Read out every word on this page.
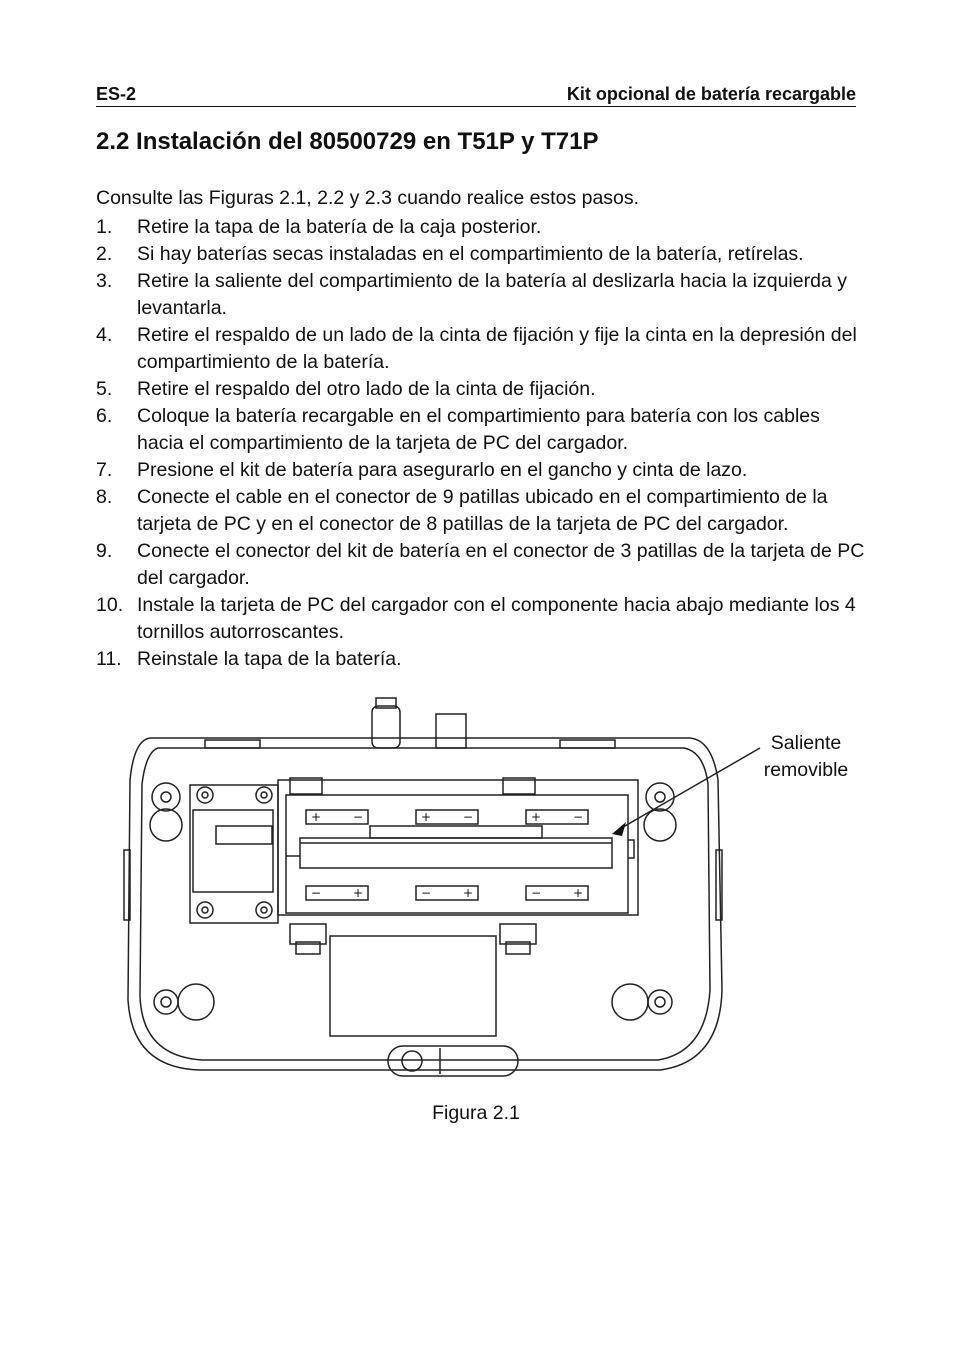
ES-2	Kit opcional de batería recargable
2.2 Instalación del 80500729 en T51P y T71P

Consulte las Figuras 2.1, 2.2 y 2.3 cuando realice estos pasos.

1. Retire la tapa de la batería de la caja posterior.
2. Si hay baterías secas instaladas en el compartimiento de la batería, retírelas.
3. Retire la saliente del compartimiento de la batería al deslizarla hacia la izquierda y levantarla.
4. Retire el respaldo de un lado de la cinta de fijación y fije la cinta en la depresión del compartimiento de la batería.
5. Retire el respaldo del otro lado de la cinta de fijación.
6. Coloque la batería recargable en el compartimiento para batería con los cables hacia el compartimiento de la tarjeta de PC del cargador.
7. Presione el kit de batería para asegurarlo en el gancho y cinta de lazo.
8. Conecte el cable en el conector de 9 patillas ubicado en el compartimiento de la tarjeta de PC y en el conector de 8 patillas de la tarjeta de PC del cargador.
9. Conecte el conector del kit de batería en el conector de 3 patillas de la tarjeta de PC del cargador.
10. Instale la tarjeta de PC del cargador con el componente hacia abajo mediante los 4 tornillos autorroscantes.
11. Reinstale la tapa de la batería.
+	−	+	−	+	−
−	+	−	+	−	+
Saliente
removible
Figura 2.1
